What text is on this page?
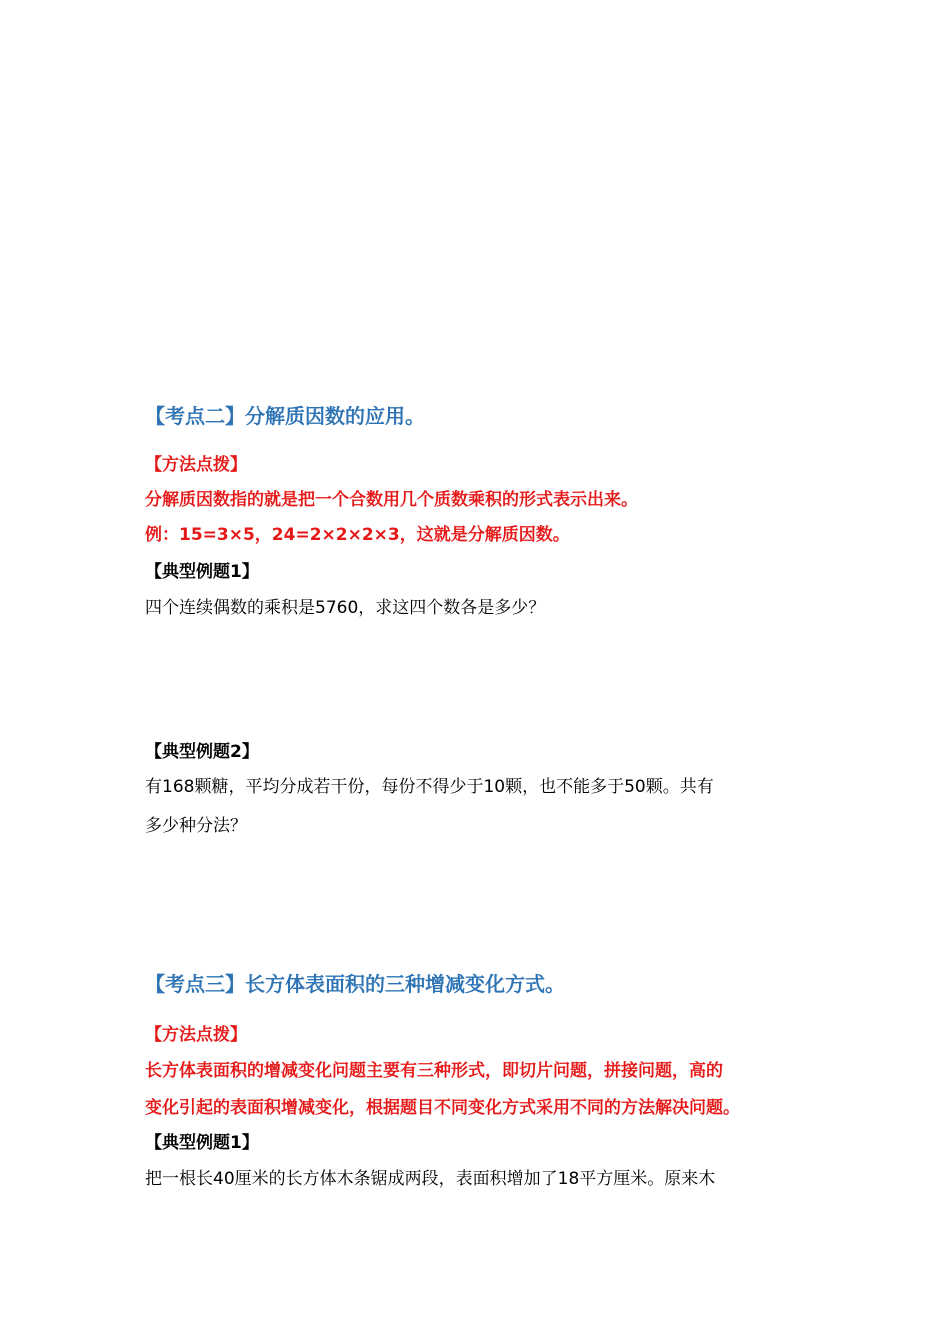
【考点二】分解质因数的应用。
【方法点拨】
分解质因数指的就是把一个合数用几个质数乘积的形式表示出来。
例：15=3×5，24=2×2×2×3，这就是分解质因数。
【典型例题1】
四个连续偶数的乘积是5760，求这四个数各是多少？
【典型例题2】
有168颗糖，平均分成若干份，每份不得少于10颗，也不能多于50颗。共有
多少种分法？
【考点三】长方体表面积的三种增减变化方式。
【方法点拨】
长方体表面积的增减变化问题主要有三种形式，即切片问题，拼接问题，高的
变化引起的表面积增减变化，根据题目不同变化方式采用不同的方法解决问题。
【典型例题1】
把一根长40厘米的长方体木条锯成两段，表面积增加了18平方厘米。原来木
